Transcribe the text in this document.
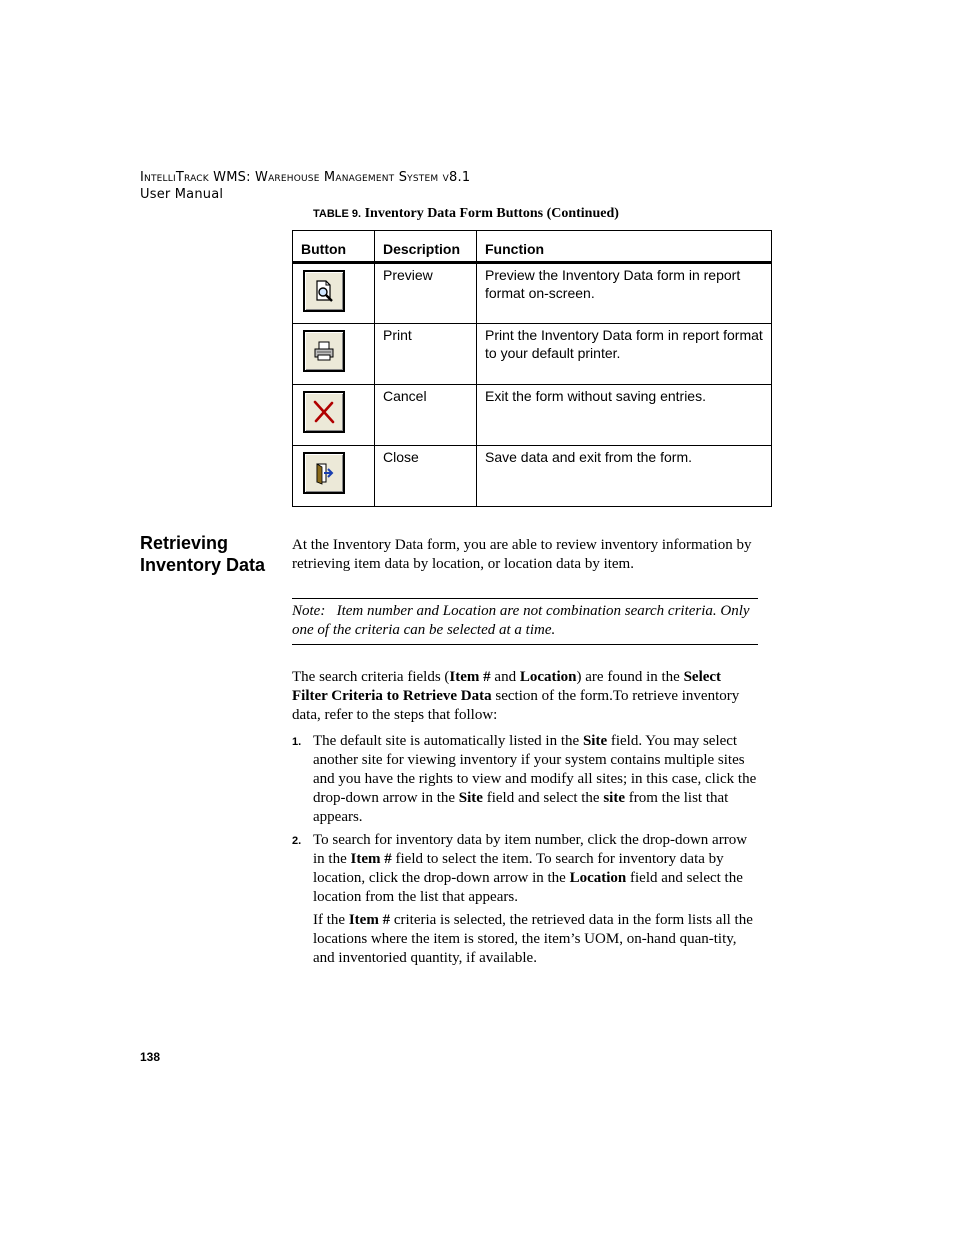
IntelliTrack WMS: Warehouse Management System v8.1
User Manual
TABLE 9. Inventory Data Form Buttons (Continued)
Button	Description	Function

	Preview	Preview the Inventory Data form in report format on-screen.

	Print	Print the Inventory Data form in report format to your default printer.

	Cancel	Exit the form without saving entries.

	Close	Save data and exit from the form.
Retrieving
Inventory Data
At the Inventory Data form, you are able to review inventory information by retrieving item data by location, or location data by item.
Note: Item number and Location are not combination search criteria. Only one of the criteria can be selected at a time.
The search criteria fields (Item # and Location) are found in the Select Filter Criteria to Retrieve Data section of the form.To retrieve inventory data, refer to the steps that follow:
1. The default site is automatically listed in the Site field. You may select another site for viewing inventory if your system contains multiple sites and you have the rights to view and modify all sites; in this case, click the drop-down arrow in the Site field and select the site from the list that appears.
2. To search for inventory data by item number, click the drop-down arrow in the Item # field to select the item. To search for inventory data by location, click the drop-down arrow in the Location field and select the location from the list that appears.
If the Item # criteria is selected, the retrieved data in the form lists all the locations where the item is stored, the item’s UOM, on-hand quan-tity, and inventoried quantity, if available.
138
